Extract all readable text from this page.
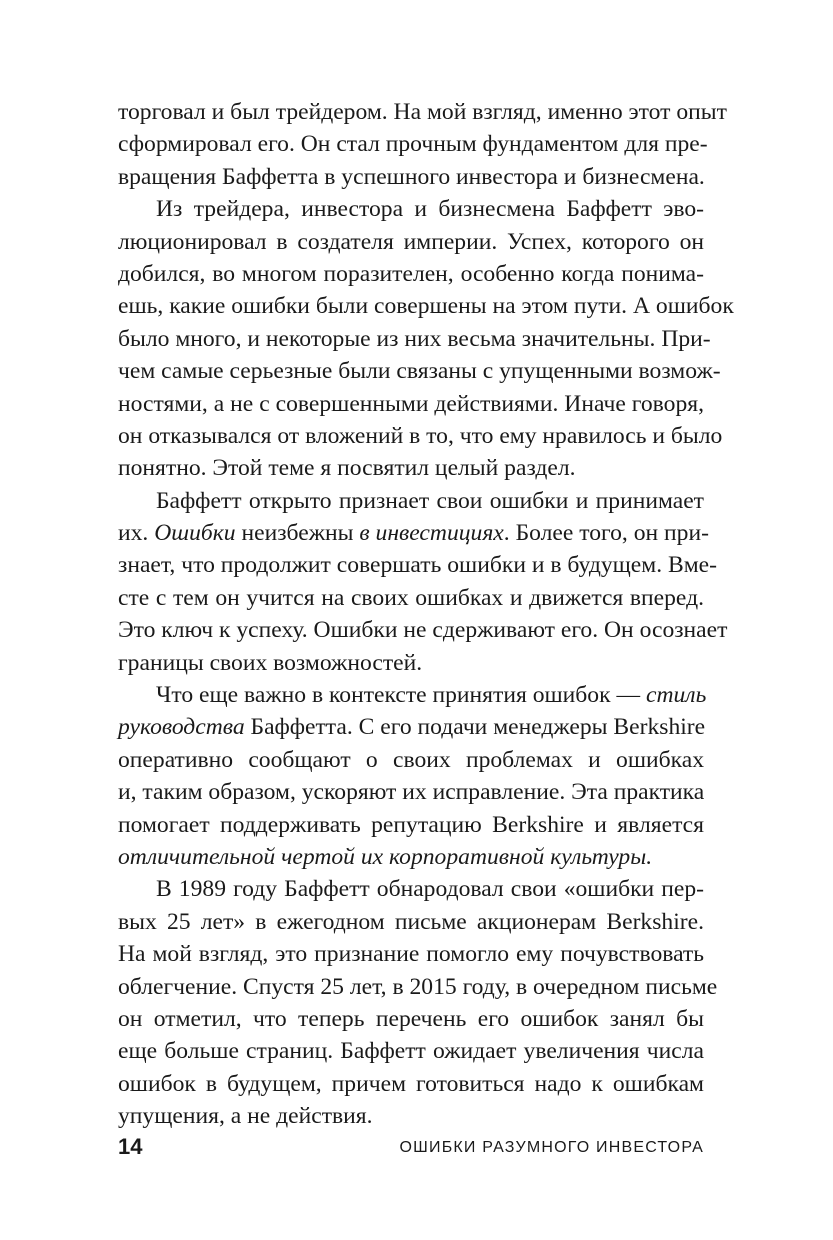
торговал и был трейдером. На мой взгляд, именно этот опыт
сформировал его. Он стал прочным фундаментом для пре-
вращения Баффетта в успешного инвестора и бизнесмена.
Из трейдера, инвестора и бизнесмена Баффетт эво-
люционировал в создателя империи. Успех, которого он
добился, во многом поразителен, особенно когда понима-
ешь, какие ошибки были совершены на этом пути. А ошибок
было много, и некоторые из них весьма значительны. При-
чем самые серьезные были связаны с упущенными возмож-
ностями, а не с совершенными действиями. Иначе говоря,
он отказывался от вложений в то, что ему нравилось и было
понятно. Этой теме я посвятил целый раздел.
Баффетт открыто признает свои ошибки и принимает
их. Ошибки неизбежны в инвестициях. Более того, он при-
знает, что продолжит совершать ошибки и в будущем. Вме-
сте с тем он учится на своих ошибках и движется вперед.
Это ключ к успеху. Ошибки не сдерживают его. Он осознает
границы своих возможностей.
Что еще важно в контексте принятия ошибок — стиль
руководства Баффетта. С его подачи менеджеры Berkshire
оперативно сообщают о своих проблемах и ошибках
и, таким образом, ускоряют их исправление. Эта практика
помогает поддерживать репутацию Berkshire и является
отличительной чертой их корпоративной культуры.
В 1989 году Баффетт обнародовал свои «ошибки пер-
вых 25 лет» в ежегодном письме акционерам Berkshire.
На мой взгляд, это признание помогло ему почувствовать
облегчение. Спустя 25 лет, в 2015 году, в очередном письме
он отметил, что теперь перечень его ошибок занял бы
еще больше страниц. Баффетт ожидает увеличения числа
ошибок в будущем, причем готовиться надо к ошибкам
упущения, а не действия.
14	ОШИБКИ РАЗУМНОГО ИНВЕСТОРА
